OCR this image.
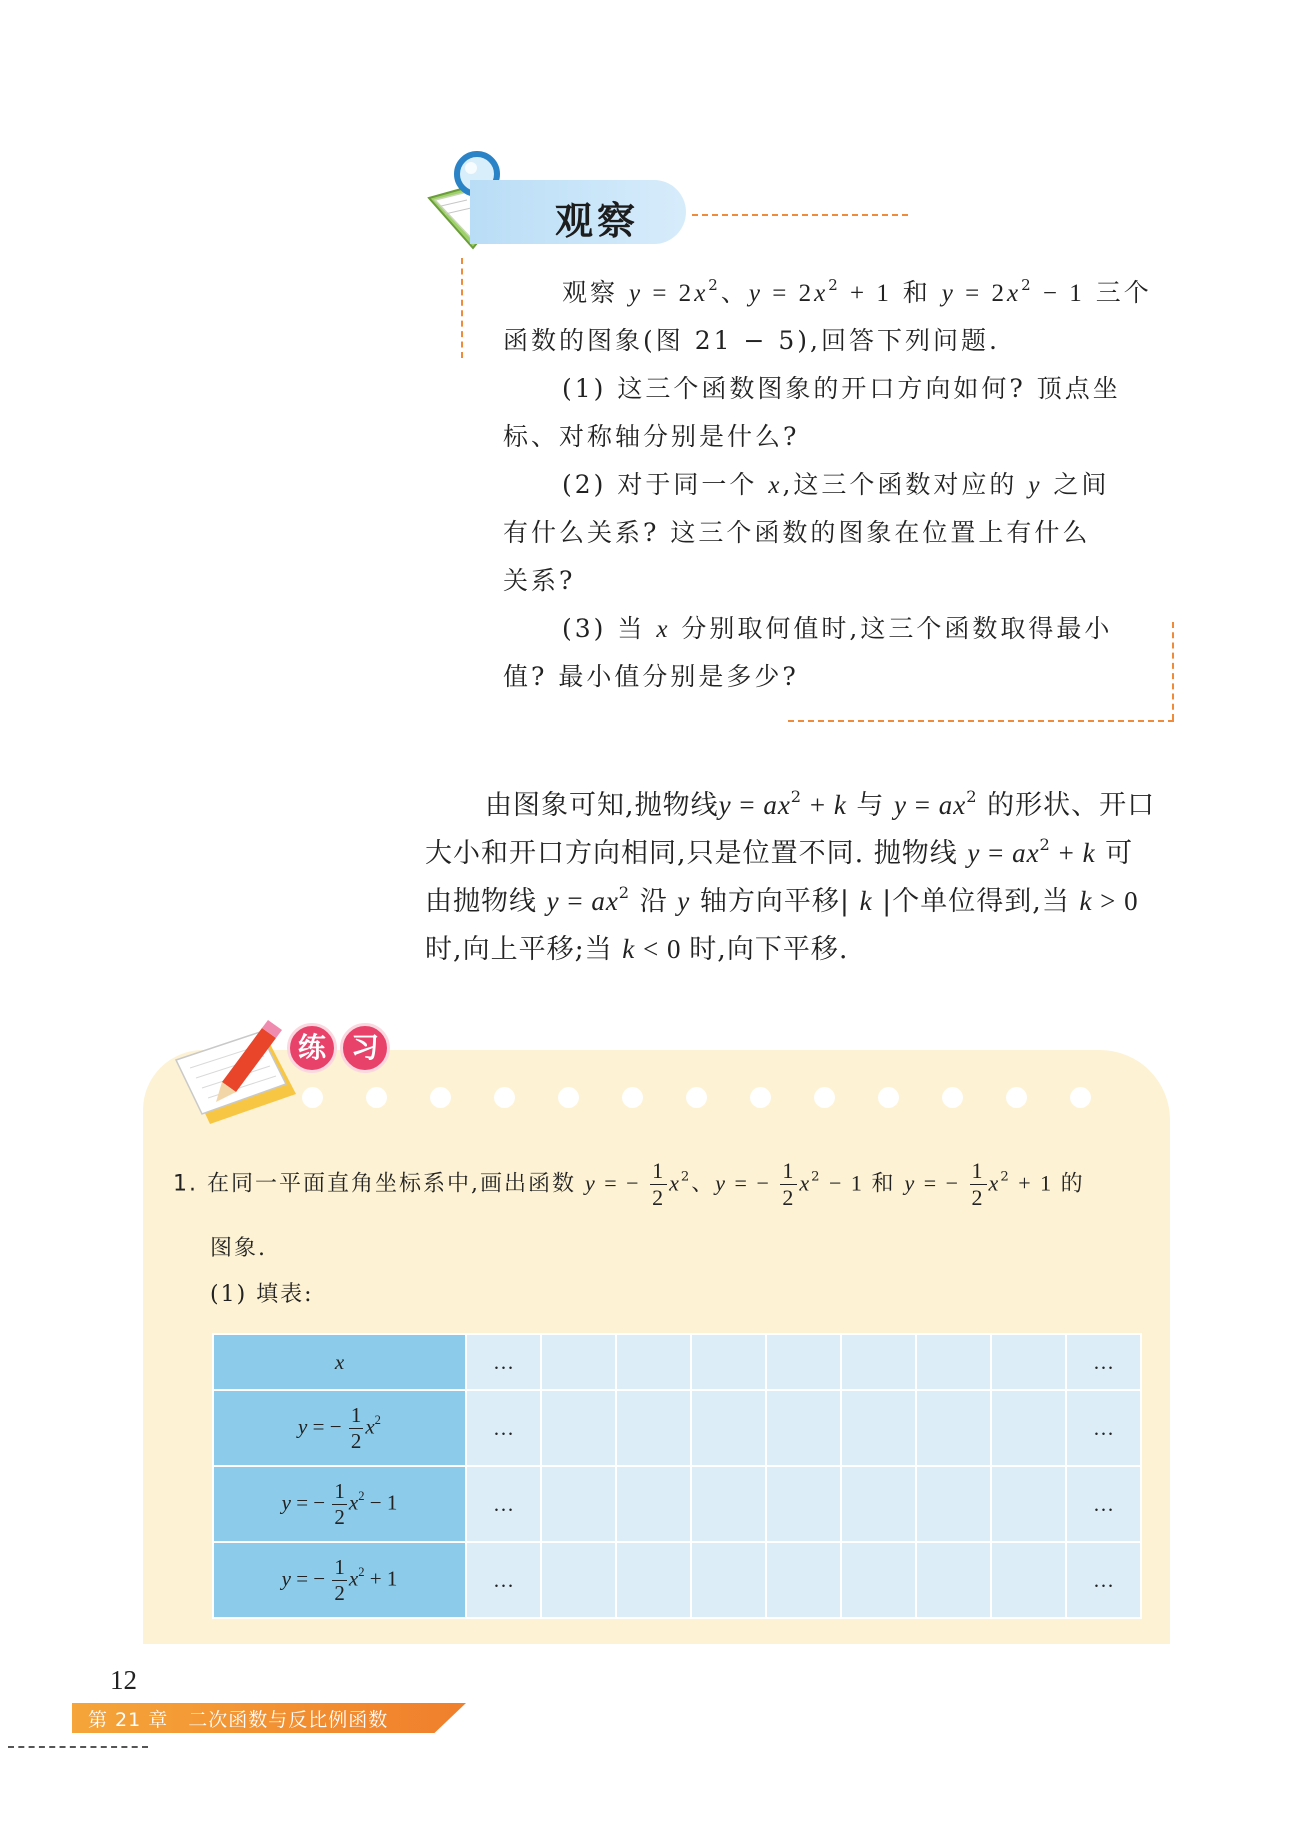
观察
观察 $y = 2x^2$、$y = 2x^2 + 1$ 和 $y = 2x^2 - 1$ 三个
函数的图象(图 21 − 5),回答下列问题.
(1) 这三个函数图象的开口方向如何? 顶点坐
标、对称轴分别是什么?
(2) 对于同一个 x,这三个函数对应的 y 之间
有什么关系? 这三个函数的图象在位置上有什么
关系?
(3) 当 x 分别取何值时,这三个函数取得最小
值? 最小值分别是多少?
由图象可知,抛物线$y = ax^2 + k$ 与 $y = ax^2$ 的形状、开口
大小和开口方向相同,只是位置不同. 抛物线 $y = ax^2 + k$ 可
由抛物线 $y = ax^2$ 沿 y 轴方向平移| k |个单位得到,当 k > 0
时,向上平移;当 k < 0 时,向下平移.
练 习
1. 在同一平面直角坐标系中,画出函数 y = − $\frac{1}{2} x^2$、y = − $\frac{1}{2} x^2 - 1$ 和 y = − $\frac{1}{2} x^2 + 1$ 的
图象.
(1) 填表:
x	…								…
y = − $\frac{1}{2} x^2$	…								…
y = − $\frac{1}{2} x^2 - 1$	…								…
y = − $\frac{1}{2} x^2 + 1$	…								…
12
第 21 章　二次函数与反比例函数
